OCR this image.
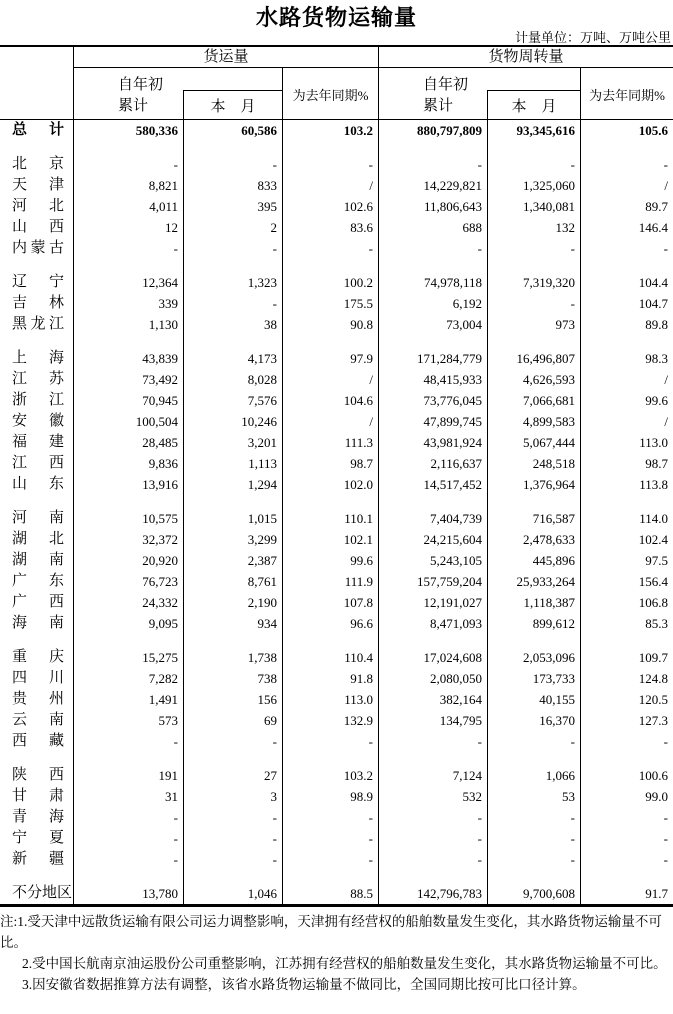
水路货物运输量
计量单位：万吨、万吨公里
货运量	货物周转量
自年初
累计	本　月
为去年同期%
自年初
累计	本　月
为去年同期%
总计	580,336	60,586	103.2	880,797,809	93,345,616	105.6
北京	-	-	-	-	-	-
天津	8,821	833	/	14,229,821	1,325,060	/
河北	4,011	395	102.6	11,806,643	1,340,081	89.7
山西	12	2	83.6	688	132	146.4
内蒙古	-	-	-	-	-	-
辽宁	12,364	1,323	100.2	74,978,118	7,319,320	104.4
吉林	339	-	175.5	6,192	-	104.7
黑龙江	1,130	38	90.8	73,004	973	89.8
上海	43,839	4,173	97.9	171,284,779	16,496,807	98.3
江苏	73,492	8,028	/	48,415,933	4,626,593	/
浙江	70,945	7,576	104.6	73,776,045	7,066,681	99.6
安徽	100,504	10,246	/	47,899,745	4,899,583	/
福建	28,485	3,201	111.3	43,981,924	5,067,444	113.0
江西	9,836	1,113	98.7	2,116,637	248,518	98.7
山东	13,916	1,294	102.0	14,517,452	1,376,964	113.8
河南	10,575	1,015	110.1	7,404,739	716,587	114.0
湖北	32,372	3,299	102.1	24,215,604	2,478,633	102.4
湖南	20,920	2,387	99.6	5,243,105	445,896	97.5
广东	76,723	8,761	111.9	157,759,204	25,933,264	156.4
广西	24,332	2,190	107.8	12,191,027	1,118,387	106.8
海南	9,095	934	96.6	8,471,093	899,612	85.3
重庆	15,275	1,738	110.4	17,024,608	2,053,096	109.7
四川	7,282	738	91.8	2,080,050	173,733	124.8
贵州	1,491	156	113.0	382,164	40,155	120.5
云南	573	69	132.9	134,795	16,370	127.3
西藏	-	-	-	-	-	-
陕西	191	27	103.2	7,124	1,066	100.6
甘肃	31	3	98.9	532	53	99.0
青海	-	-	-	-	-	-
宁夏	-	-	-	-	-	-
新疆	-	-	-	-	-	-
不分地区	13,780	1,046	88.5	142,796,783	9,700,608	91.7
注:1.受天津中远散货运输有限公司运力调整影响，天津拥有经营权的船舶数量发生变化，其水路货物运输量不可比。
2.受中国长航南京油运股份公司重整影响，江苏拥有经营权的船舶数量发生变化，其水路货物运输量不可比。
3.因安徽省数据推算方法有调整，该省水路货物运输量不做同比，全国同期比按可比口径计算。
